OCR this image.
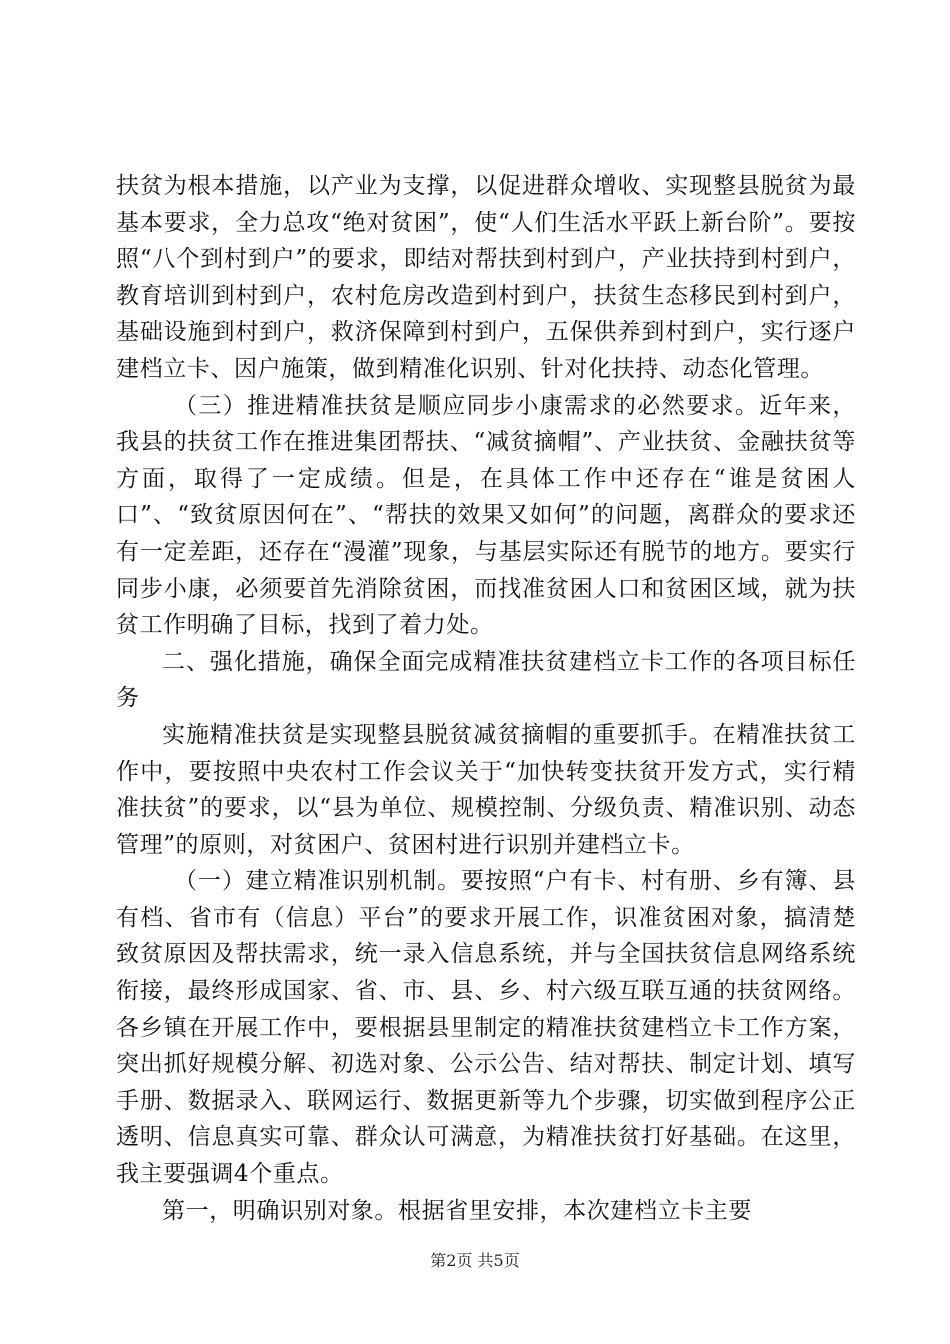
扶贫为根本措施，以产业为支撑，以促进群众增收、实现整县脱贫为最基本要求，全力总攻“绝对贫困”，使“人们生活水平跃上新台阶”。要按照“八个到村到户”的要求，即结对帮扶到村到户，产业扶持到村到户，教育培训到村到户，农村危房改造到村到户，扶贫生态移民到村到户，基础设施到村到户，救济保障到村到户，五保供养到村到户，实行逐户建档立卡、因户施策，做到精准化识别、针对化扶持、动态化管理。

（三）推进精准扶贫是顺应同步小康需求的必然要求。近年来，我县的扶贫工作在推进集团帮扶、“减贫摘帽”、产业扶贫、金融扶贫等方面，取得了一定成绩。但是，在具体工作中还存在“谁是贫困人口”、“致贫原因何在”、“帮扶的效果又如何”的问题，离群众的要求还有一定差距，还存在“漫灌”现象，与基层实际还有脱节的地方。要实行同步小康，必须要首先消除贫困，而找准贫困人口和贫困区域，就为扶贫工作明确了目标，找到了着力处。

二、强化措施，确保全面完成精准扶贫建档立卡工作的各项目标任务

实施精准扶贫是实现整县脱贫减贫摘帽的重要抓手。在精准扶贫工作中，要按照中央农村工作会议关于“加快转变扶贫开发方式，实行精准扶贫”的要求，以“县为单位、规模控制、分级负责、精准识别、动态管理”的原则，对贫困户、贫困村进行识别并建档立卡。

（一）建立精准识别机制。要按照“户有卡、村有册、乡有簿、县有档、省市有（信息）平台”的要求开展工作，识准贫困对象，搞清楚致贫原因及帮扶需求，统一录入信息系统，并与全国扶贫信息网络系统衔接，最终形成国家、省、市、县、乡、村六级互联互通的扶贫网络。各乡镇在开展工作中，要根据县里制定的精准扶贫建档立卡工作方案，突出抓好规模分解、初选对象、公示公告、结对帮扶、制定计划、填写手册、数据录入、联网运行、数据更新等九个步骤，切实做到程序公正透明、信息真实可靠、群众认可满意，为精准扶贫打好基础。在这里，我主要强调4个重点。

第一，明确识别对象。根据省里安排，本次建档立卡主要

第2页 共5页
